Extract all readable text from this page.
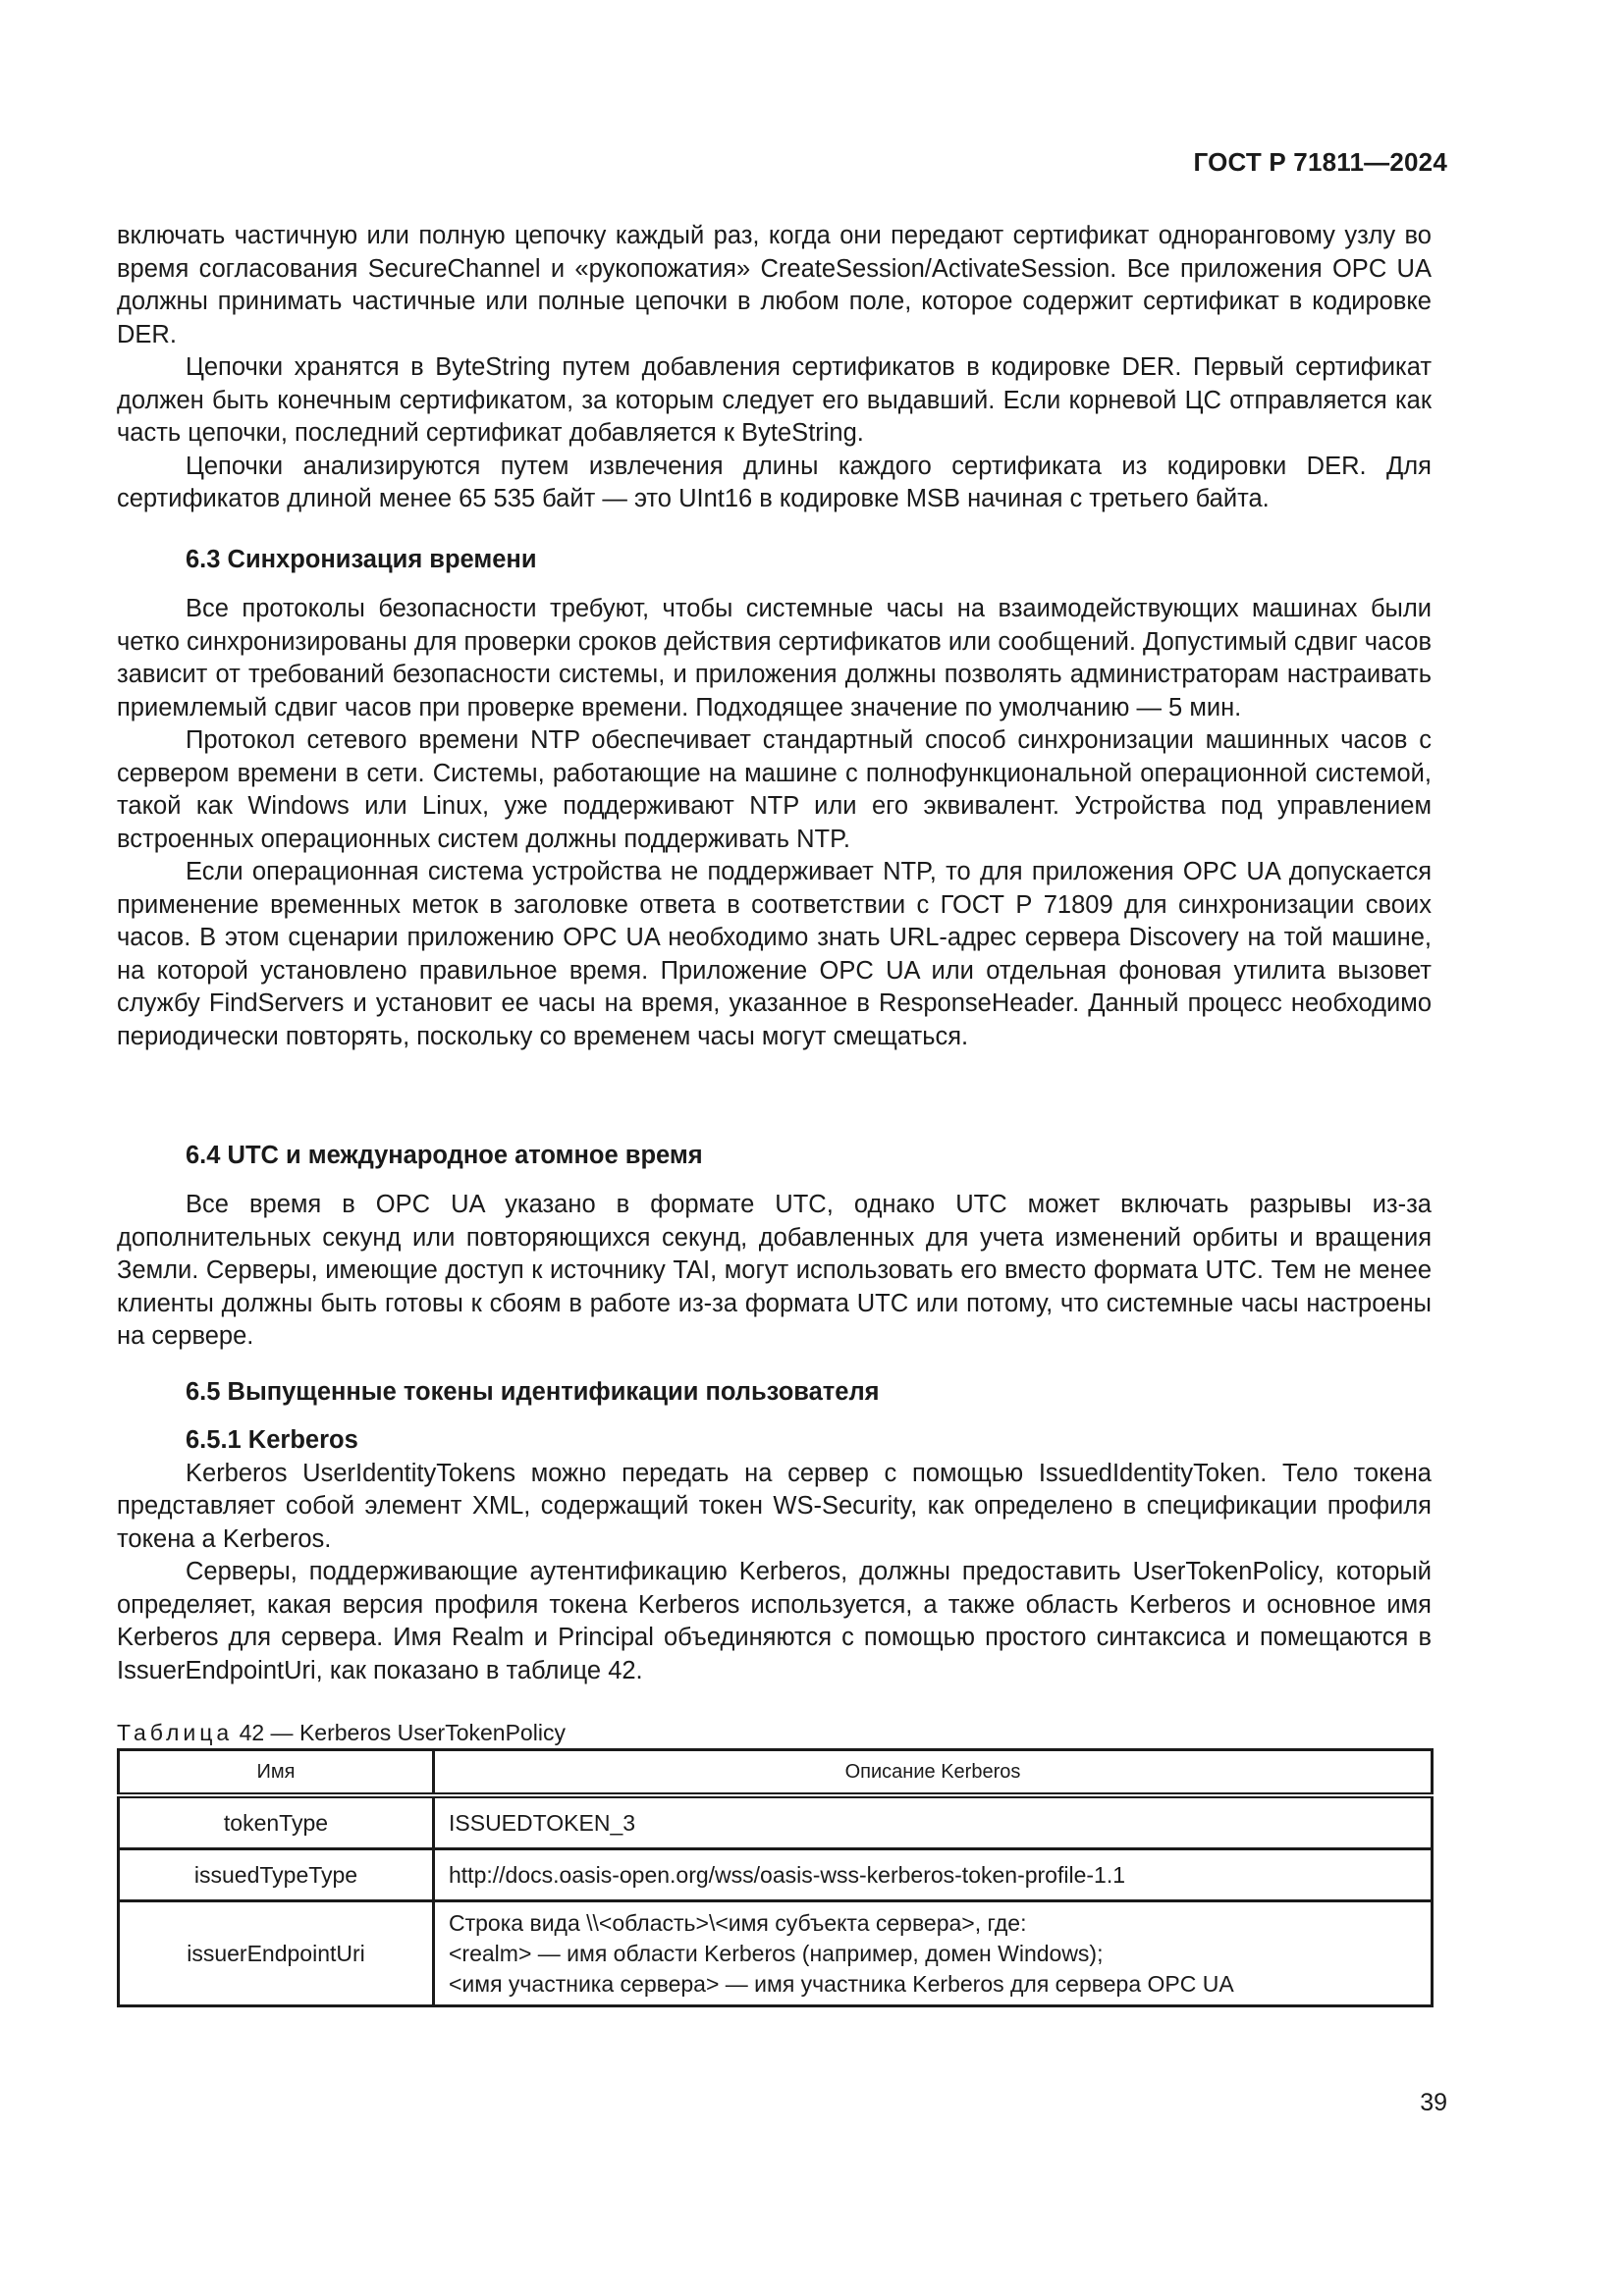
ГОСТ Р 71811—2024

включать частичную или полную цепочку каждый раз, когда они передают сертификат одноранговому узлу во время согласования SecureChannel и «рукопожатия» CreateSession/ActivateSession. Все приложения OPC UA должны принимать частичные или полные цепочки в любом поле, которое содержит сертификат в кодировке DER.

Цепочки хранятся в ByteString путем добавления сертификатов в кодировке DER. Первый сертификат должен быть конечным сертификатом, за которым следует его выдавший. Если корневой ЦС отправляется как часть цепочки, последний сертификат добавляется к ByteString.

Цепочки анализируются путем извлечения длины каждого сертификата из кодировки DER. Для сертификатов длиной менее 65 535 байт — это UInt16 в кодировке MSB начиная с третьего байта.

6.3 Синхронизация времени

Все протоколы безопасности требуют, чтобы системные часы на взаимодействующих машинах были четко синхронизированы для проверки сроков действия сертификатов или сообщений. Допустимый сдвиг часов зависит от требований безопасности системы, и приложения должны позволять администраторам настраивать приемлемый сдвиг часов при проверке времени. Подходящее значение по умолчанию — 5 мин.

Протокол сетевого времени NTP обеспечивает стандартный способ синхронизации машинных часов с сервером времени в сети. Системы, работающие на машине с полнофункциональной операционной системой, такой как Windows или Linux, уже поддерживают NTP или его эквивалент. Устройства под управлением встроенных операционных систем должны поддерживать NTP.

Если операционная система устройства не поддерживает NTP, то для приложения OPC UA допускается применение временных меток в заголовке ответа в соответствии с ГОСТ Р 71809 для синхронизации своих часов. В этом сценарии приложению OPC UA необходимо знать URL-адрес сервера Discovery на той машине, на которой установлено правильное время. Приложение OPC UA или отдельная фоновая утилита вызовет службу FindServers и установит ее часы на время, указанное в ResponseHeader. Данный процесс необходимо периодически повторять, поскольку со временем часы могут смещаться.

6.4 UTC и международное атомное время

Все время в OPC UA указано в формате UTC, однако UTC может включать разрывы из-за дополнительных секунд или повторяющихся секунд, добавленных для учета изменений орбиты и вращения Земли. Серверы, имеющие доступ к источнику TAI, могут использовать его вместо формата UTC. Тем не менее клиенты должны быть готовы к сбоям в работе из-за формата UTC или потому, что системные часы настроены на сервере.

6.5 Выпущенные токены идентификации пользователя
6.5.1 Kerberos

Kerberos UserIdentityTokens можно передать на сервер с помощью IssuedIdentityToken. Тело токена представляет собой элемент XML, содержащий токен WS-Security, как определено в спецификации профиля токена а Kerberos.

Серверы, поддерживающие аутентификацию Kerberos, должны предоставить UserTokenPolicy, который определяет, какая версия профиля токена Kerberos используется, а также область Kerberos и основное имя Kerberos для сервера. Имя Realm и Principal объединяются с помощью простого синтаксиса и помещаются в IssuerEndpointUri, как показано в таблице 42.

Таблица 42 — Kerberos UserTokenPolicy
Имя	Описание Kerberos
tokenType	ISSUEDTOKEN_3
issuedTypeType	http://docs.oasis-open.org/wss/oasis-wss-kerberos-token-profile-1.1
issuerEndpointUri	Строка вида \\<область>\<имя субъекта сервера>, где:
<realm> — имя области Kerberos (например, домен Windows);
<имя участника сервера> — имя участника Kerberos для сервера OPC UA
39
